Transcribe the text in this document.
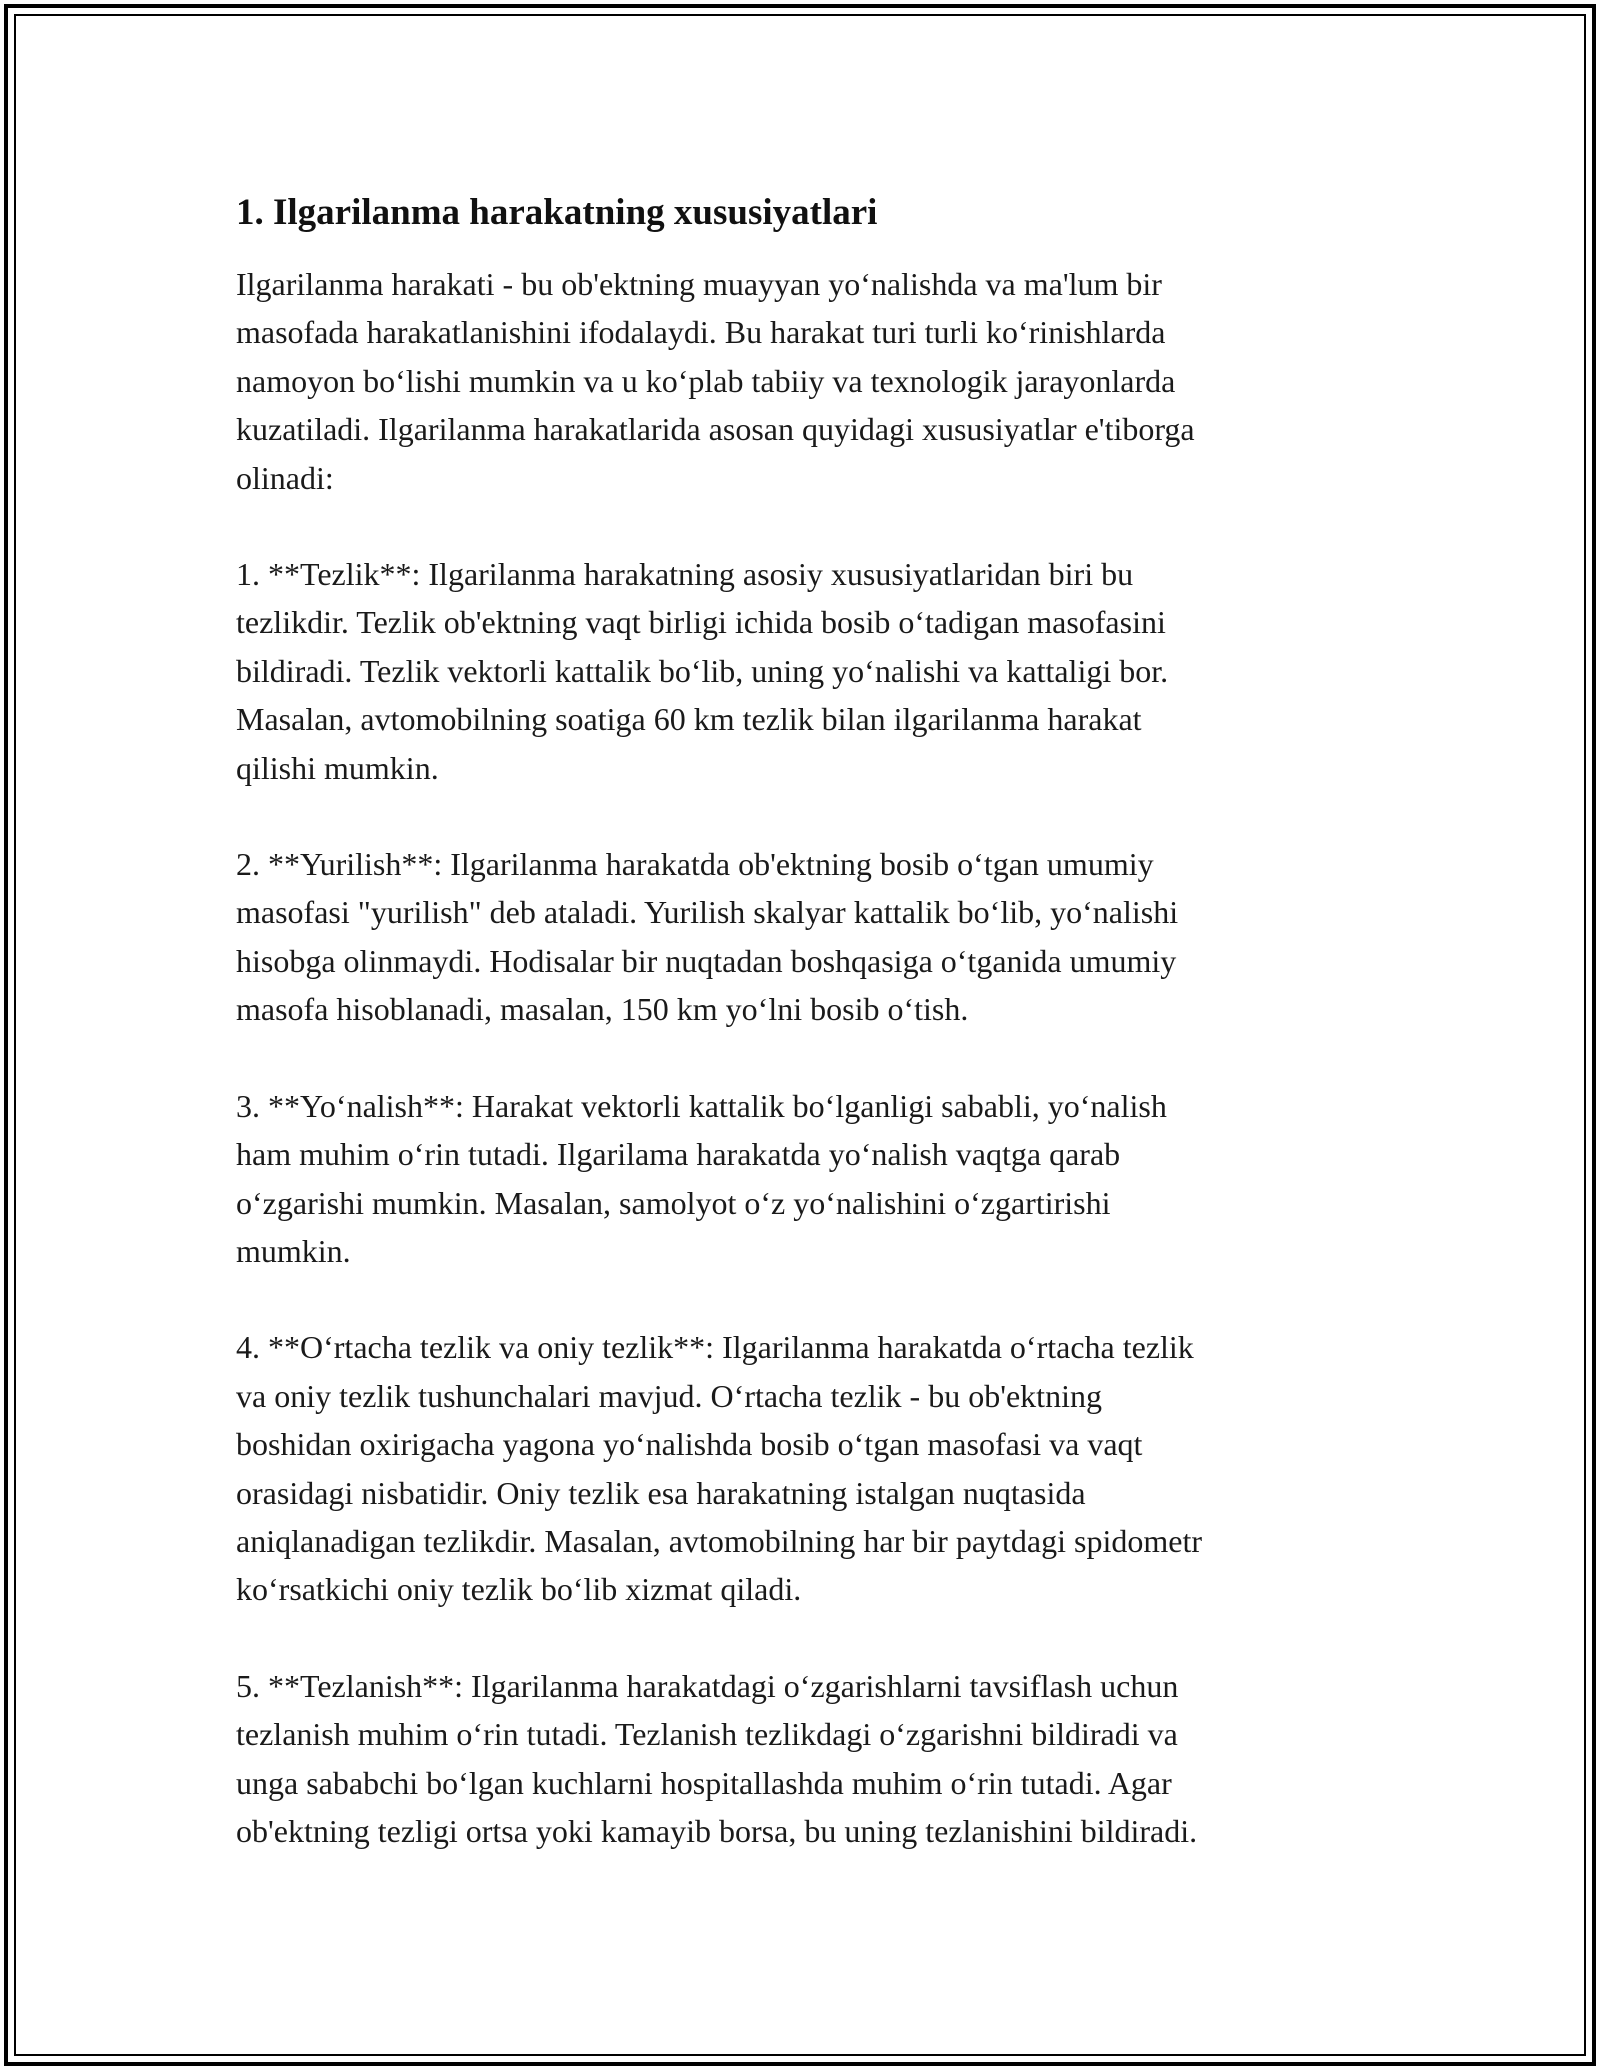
1. Ilgarilanma harakatning xususiyatlari

Ilgarilanma harakati - bu ob'ektning muayyan yo‘nalishda va ma'lum bir
masofada harakatlanishini ifodalaydi. Bu harakat turi turli ko‘rinishlarda
namoyon bo‘lishi mumkin va u ko‘plab tabiiy va texnologik jarayonlarda
kuzatiladi. Ilgarilanma harakatlarida asosan quyidagi xususiyatlar e'tiborga
olinadi:

1. **Tezlik**: Ilgarilanma harakatning asosiy xususiyatlaridan biri bu
tezlikdir. Tezlik ob'ektning vaqt birligi ichida bosib o‘tadigan masofasini
bildiradi. Tezlik vektorli kattalik bo‘lib, uning yo‘nalishi va kattaligi bor.
Masalan, avtomobilning soatiga 60 km tezlik bilan ilgarilanma harakat
qilishi mumkin.

2. **Yurilish**: Ilgarilanma harakatda ob'ektning bosib o‘tgan umumiy
masofasi "yurilish" deb ataladi. Yurilish skalyar kattalik bo‘lib, yo‘nalishi
hisobga olinmaydi. Hodisalar bir nuqtadan boshqasiga o‘tganida umumiy
masofa hisoblanadi, masalan, 150 km yo‘lni bosib o‘tish.

3. **Yo‘nalish**: Harakat vektorli kattalik bo‘lganligi sababli, yo‘nalish
ham muhim o‘rin tutadi. Ilgarilama harakatda yo‘nalish vaqtga qarab
o‘zgarishi mumkin. Masalan, samolyot o‘z yo‘nalishini o‘zgartirishi
mumkin.

4. **O‘rtacha tezlik va oniy tezlik**: Ilgarilanma harakatda o‘rtacha tezlik
va oniy tezlik tushunchalari mavjud. O‘rtacha tezlik - bu ob'ektning
boshidan oxirigacha yagona yo‘nalishda bosib o‘tgan masofasi va vaqt
orasidagi nisbatidir. Oniy tezlik esa harakatning istalgan nuqtasida
aniqlanadigan tezlikdir. Masalan, avtomobilning har bir paytdagi spidometr
ko‘rsatkichi oniy tezlik bo‘lib xizmat qiladi.

5. **Tezlanish**: Ilgarilanma harakatdagi o‘zgarishlarni tavsiflash uchun
tezlanish muhim o‘rin tutadi. Tezlanish tezlikdagi o‘zgarishni bildiradi va
unga sababchi bo‘lgan kuchlarni hospitallashda muhim o‘rin tutadi. Agar
ob'ektning tezligi ortsa yoki kamayib borsa, bu uning tezlanishini bildiradi.
